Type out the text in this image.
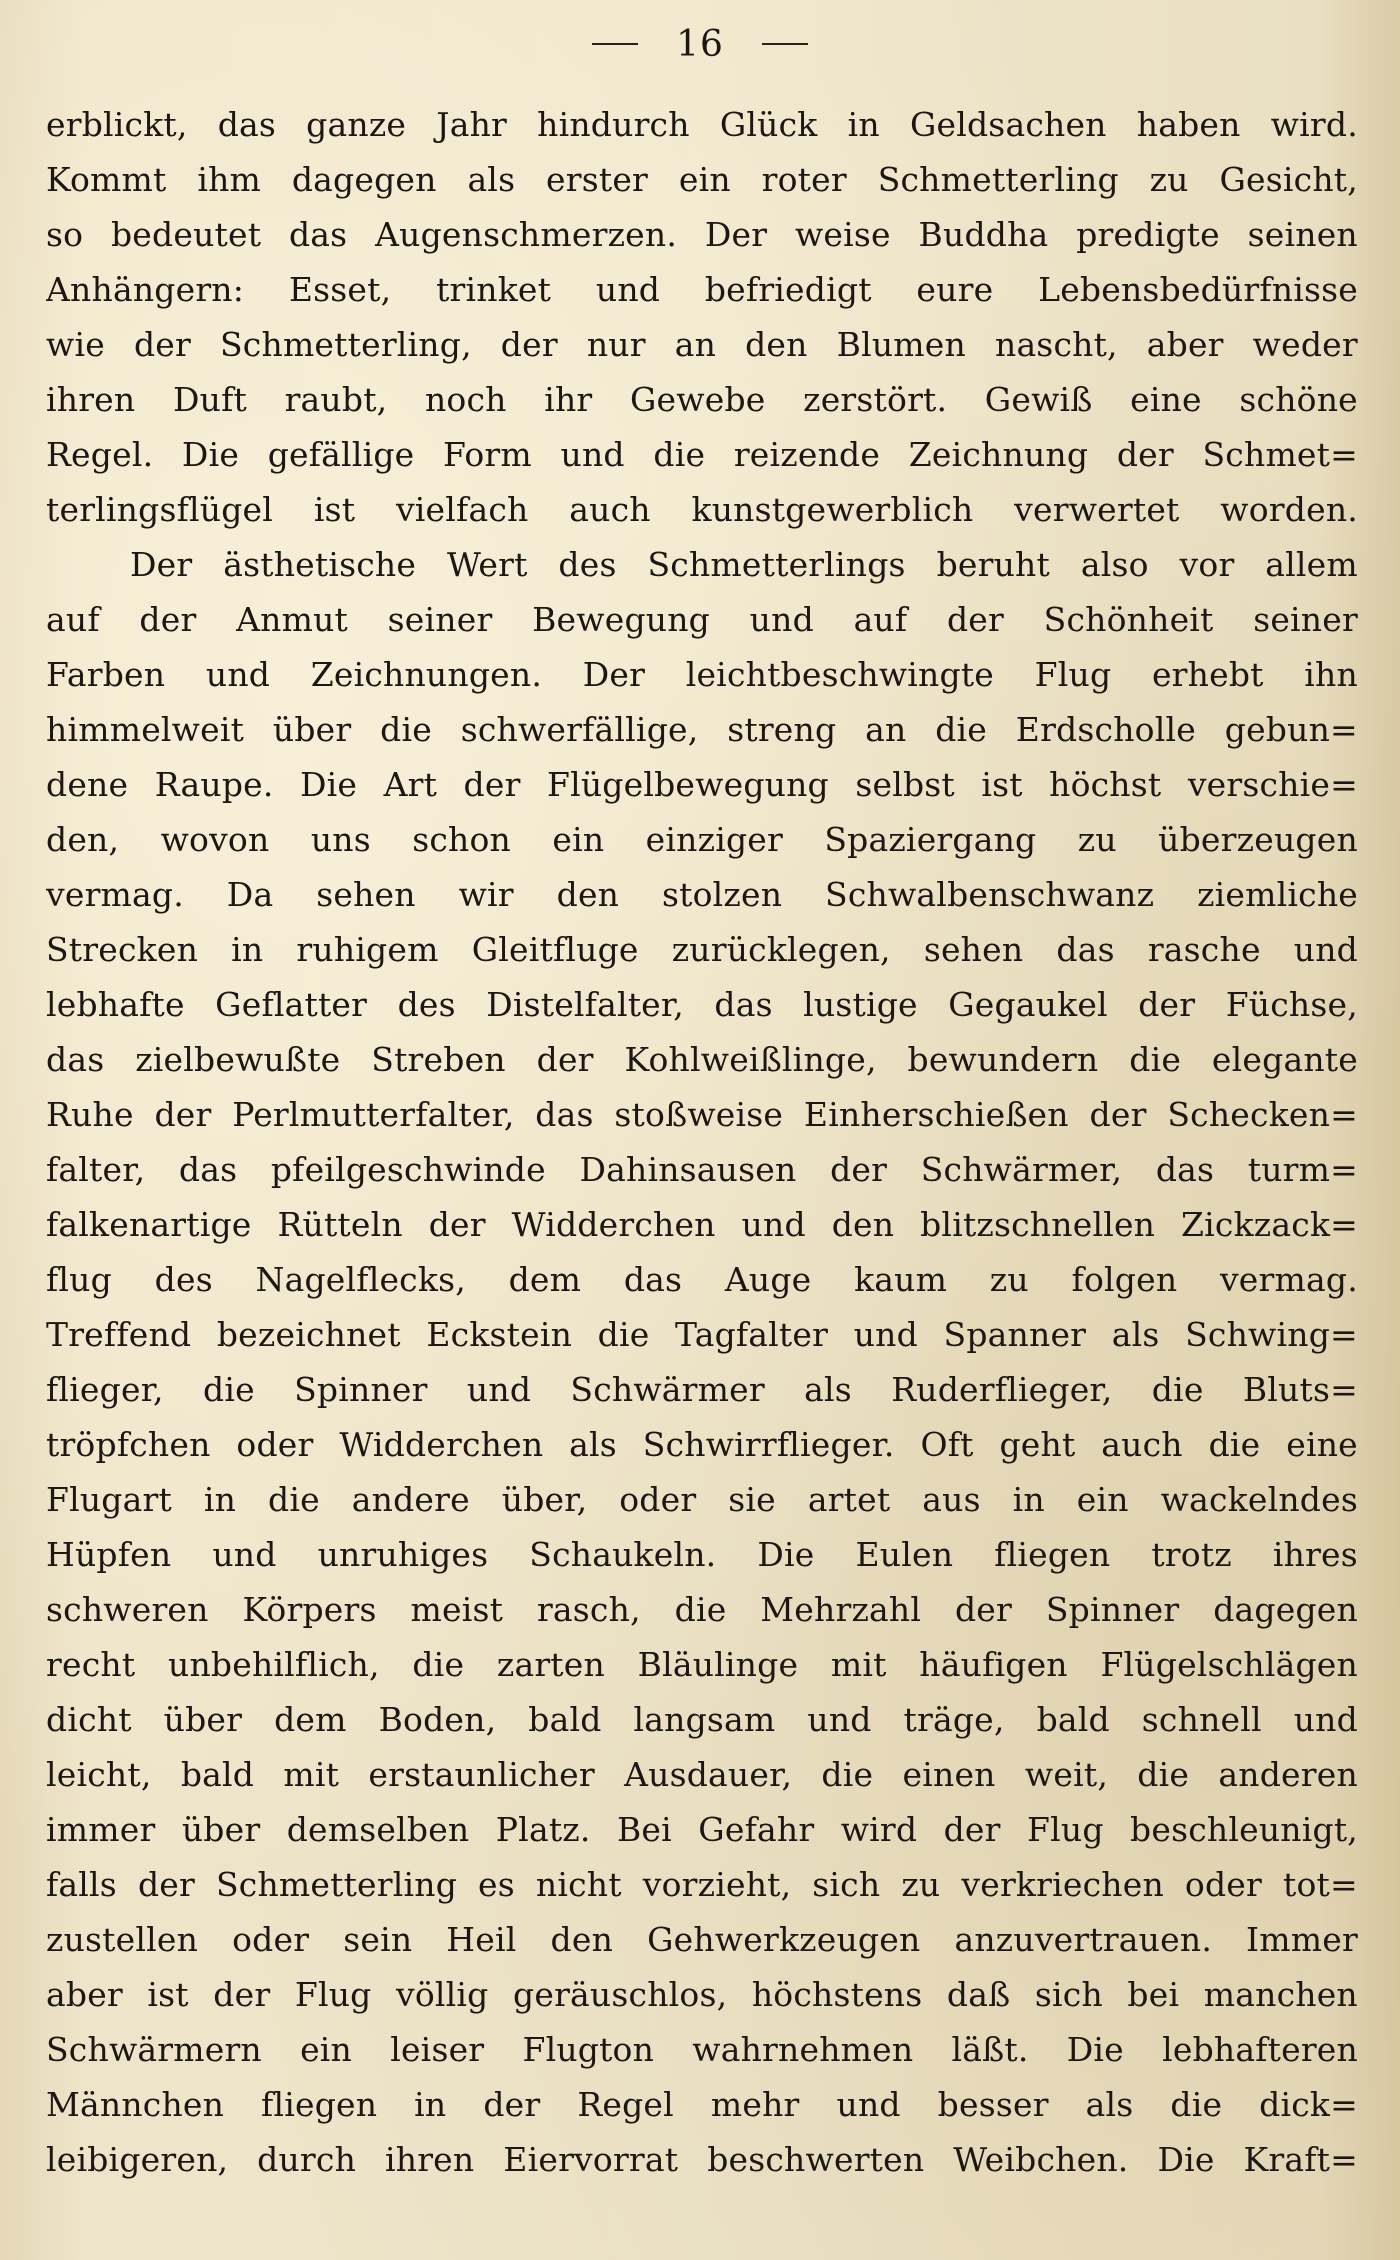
16
erblickt, das ganze Jahr hindurch Glück in Geldsachen haben wird.
Kommt ihm dagegen als erster ein roter Schmetterling zu Gesicht,
so bedeutet das Augenschmerzen. Der weise Buddha predigte seinen
Anhängern: Esset, trinket und befriedigt eure Lebensbedürfnisse
wie der Schmetterling, der nur an den Blumen nascht, aber weder
ihren Duft raubt, noch ihr Gewebe zerstört. Gewiß eine schöne
Regel. Die gefällige Form und die reizende Zeichnung der Schmet=
terlingsflügel ist vielfach auch kunstgewerblich verwertet worden.
Der ästhetische Wert des Schmetterlings beruht also vor allem
auf der Anmut seiner Bewegung und auf der Schönheit seiner
Farben und Zeichnungen. Der leichtbeschwingte Flug erhebt ihn
himmelweit über die schwerfällige, streng an die Erdscholle gebun=
dene Raupe. Die Art der Flügelbewegung selbst ist höchst verschie=
den, wovon uns schon ein einziger Spaziergang zu überzeugen
vermag. Da sehen wir den stolzen Schwalbenschwanz ziemliche
Strecken in ruhigem Gleitfluge zurücklegen, sehen das rasche und
lebhafte Geflatter des Distelfalter, das lustige Gegaukel der Füchse,
das zielbewußte Streben der Kohlweißlinge, bewundern die elegante
Ruhe der Perlmutterfalter, das stoßweise Einherschießen der Schecken=
falter, das pfeilgeschwinde Dahinsausen der Schwärmer, das turm=
falkenartige Rütteln der Widderchen und den blitzschnellen Zickzack=
flug des Nagelflecks, dem das Auge kaum zu folgen vermag.
Treffend bezeichnet Eckstein die Tagfalter und Spanner als Schwing=
flieger, die Spinner und Schwärmer als Ruderflieger, die Bluts=
tröpfchen oder Widderchen als Schwirrflieger. Oft geht auch die eine
Flugart in die andere über, oder sie artet aus in ein wackelndes
Hüpfen und unruhiges Schaukeln. Die Eulen fliegen trotz ihres
schweren Körpers meist rasch, die Mehrzahl der Spinner dagegen
recht unbehilflich, die zarten Bläulinge mit häufigen Flügelschlägen
dicht über dem Boden, bald langsam und träge, bald schnell und
leicht, bald mit erstaunlicher Ausdauer, die einen weit, die anderen
immer über demselben Platz. Bei Gefahr wird der Flug beschleunigt,
falls der Schmetterling es nicht vorzieht, sich zu verkriechen oder tot=
zustellen oder sein Heil den Gehwerkzeugen anzuvertrauen. Immer
aber ist der Flug völlig geräuschlos, höchstens daß sich bei manchen
Schwärmern ein leiser Flugton wahrnehmen läßt. Die lebhafteren
Männchen fliegen in der Regel mehr und besser als die dick=
leibigeren, durch ihren Eiervorrat beschwerten Weibchen. Die Kraft=
